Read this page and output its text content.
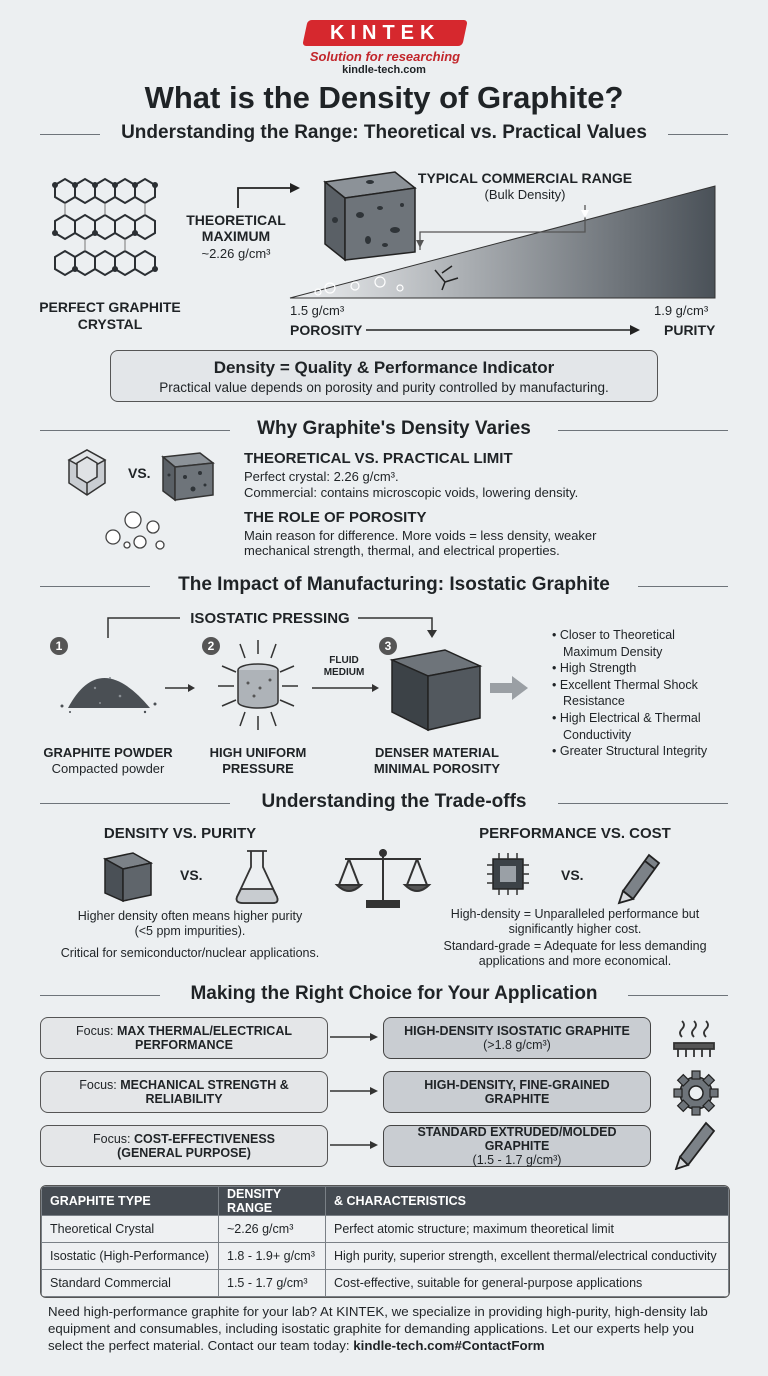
KINTEK
Solution for researching
kindle-tech.com
What is the Density of Graphite?
Understanding the Range: Theoretical vs. Practical Values
PERFECT GRAPHITE CRYSTAL
THEORETICAL MAXIMUM
~2.26 g/cm³
TYPICAL COMMERCIAL RANGE
(Bulk Density)
1.5 g/cm³	1.9 g/cm³
POROSITY	PURITY
Density = Quality & Performance Indicator
Practical value depends on porosity and purity controlled by manufacturing.
Why Graphite's Density Varies
VS.
THEORETICAL VS. PRACTICAL LIMIT
Perfect crystal: 2.26 g/cm³.
Commercial: contains microscopic voids, lowering density.
THE ROLE OF POROSITY
Main reason for difference. More voids = less density, weaker
mechanical strength, thermal, and electrical properties.
The Impact of Manufacturing: Isostatic Graphite
ISOSTATIC PRESSING
1	2	3
FLUID
MEDIUM
GRAPHITE POWDER
Compacted powder
HIGH UNIFORM
PRESSURE
DENSER MATERIAL
MINIMAL POROSITY
• Closer to Theoretical
Maximum Density
• High Strength
• Excellent Thermal Shock
Resistance
• High Electrical & Thermal
Conductivity
• Greater Structural Integrity
Understanding the Trade-offs
DENSITY VS. PURITY	PERFORMANCE VS. COST
VS.	VS.
Higher density often means higher purity
(<5 ppm impurities).
Critical for semiconductor/nuclear applications.
High-density = Unparalleled performance but
significantly higher cost.
Standard-grade = Adequate for less demanding
applications and more economical.
Making the Right Choice for Your Application
Focus: MAX THERMAL/ELECTRICAL
PERFORMANCE
Focus: MECHANICAL STRENGTH &
RELIABILITY
Focus: COST-EFFECTIVENESS
(GENERAL PURPOSE)
HIGH-DENSITY ISOSTATIC GRAPHITE
(>1.8 g/cm³)
HIGH-DENSITY, FINE-GRAINED
GRAPHITE
STANDARD EXTRUDED/MOLDED GRAPHITE
(1.5 - 1.7 g/cm³)
GRAPHITE TYPE	DENSITY RANGE	& CHARACTERISTICS
Theoretical Crystal	~2.26 g/cm³	Perfect atomic structure; maximum theoretical limit
Isostatic (High-Performance)	1.8 - 1.9+ g/cm³	High purity, superior strength, excellent thermal/electrical conductivity
Standard Commercial	1.5 - 1.7 g/cm³	Cost-effective, suitable for general-purpose applications
Need high-performance graphite for your lab? At KINTEK, we specialize in providing high-purity, high-density lab
equipment and consumables, including isostatic graphite for demanding applications. Let our experts help you
select the perfect material. Contact our team today: kindle-tech.com#ContactForm
